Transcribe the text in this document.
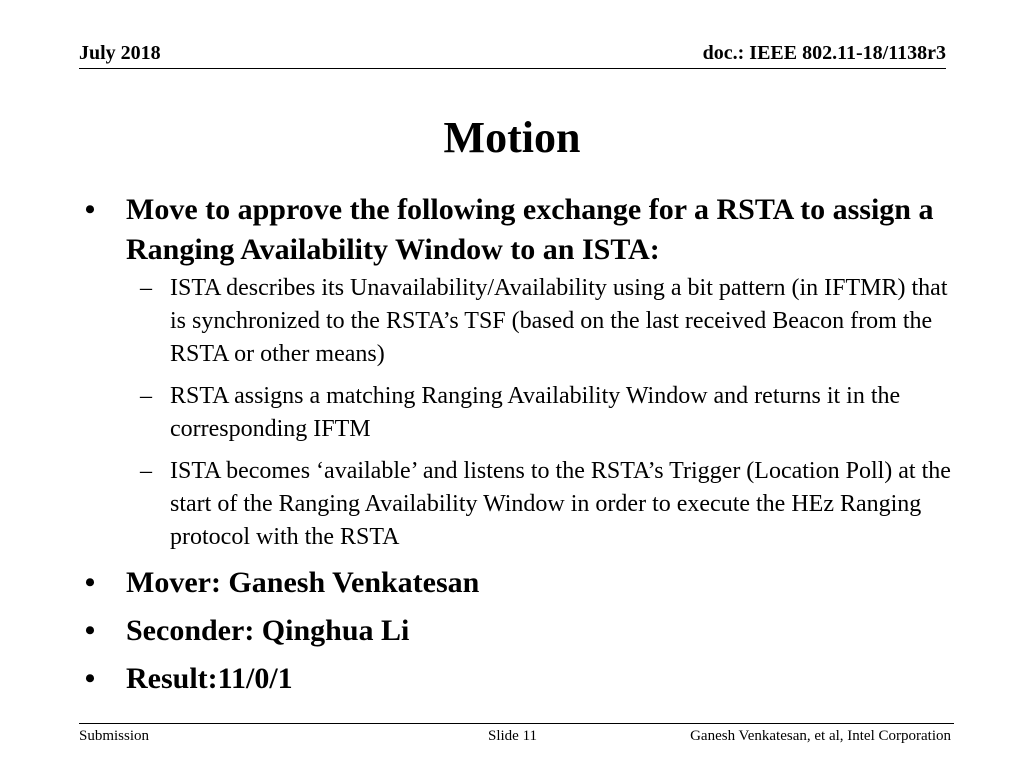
July 2018	doc.: IEEE 802.11-18/1138r3
Motion
• Move to approve the following exchange for a RSTA to assign a Ranging Availability Window to an ISTA:
– ISTA describes its Unavailability/Availability using a bit pattern (in IFTMR) that is synchronized to the RSTA’s TSF (based on the last received Beacon from the RSTA or other means)
– RSTA assigns a matching Ranging Availability Window and returns it in the corresponding IFTM
– ISTA becomes ‘available’ and listens to the RSTA’s Trigger (Location Poll) at the start of the Ranging Availability Window in order to execute the HEz Ranging protocol with the RSTA
• Mover: Ganesh Venkatesan
• Seconder: Qinghua Li
• Result:11/0/1
Submission	Slide 11	Ganesh Venkatesan, et al, Intel Corporation
